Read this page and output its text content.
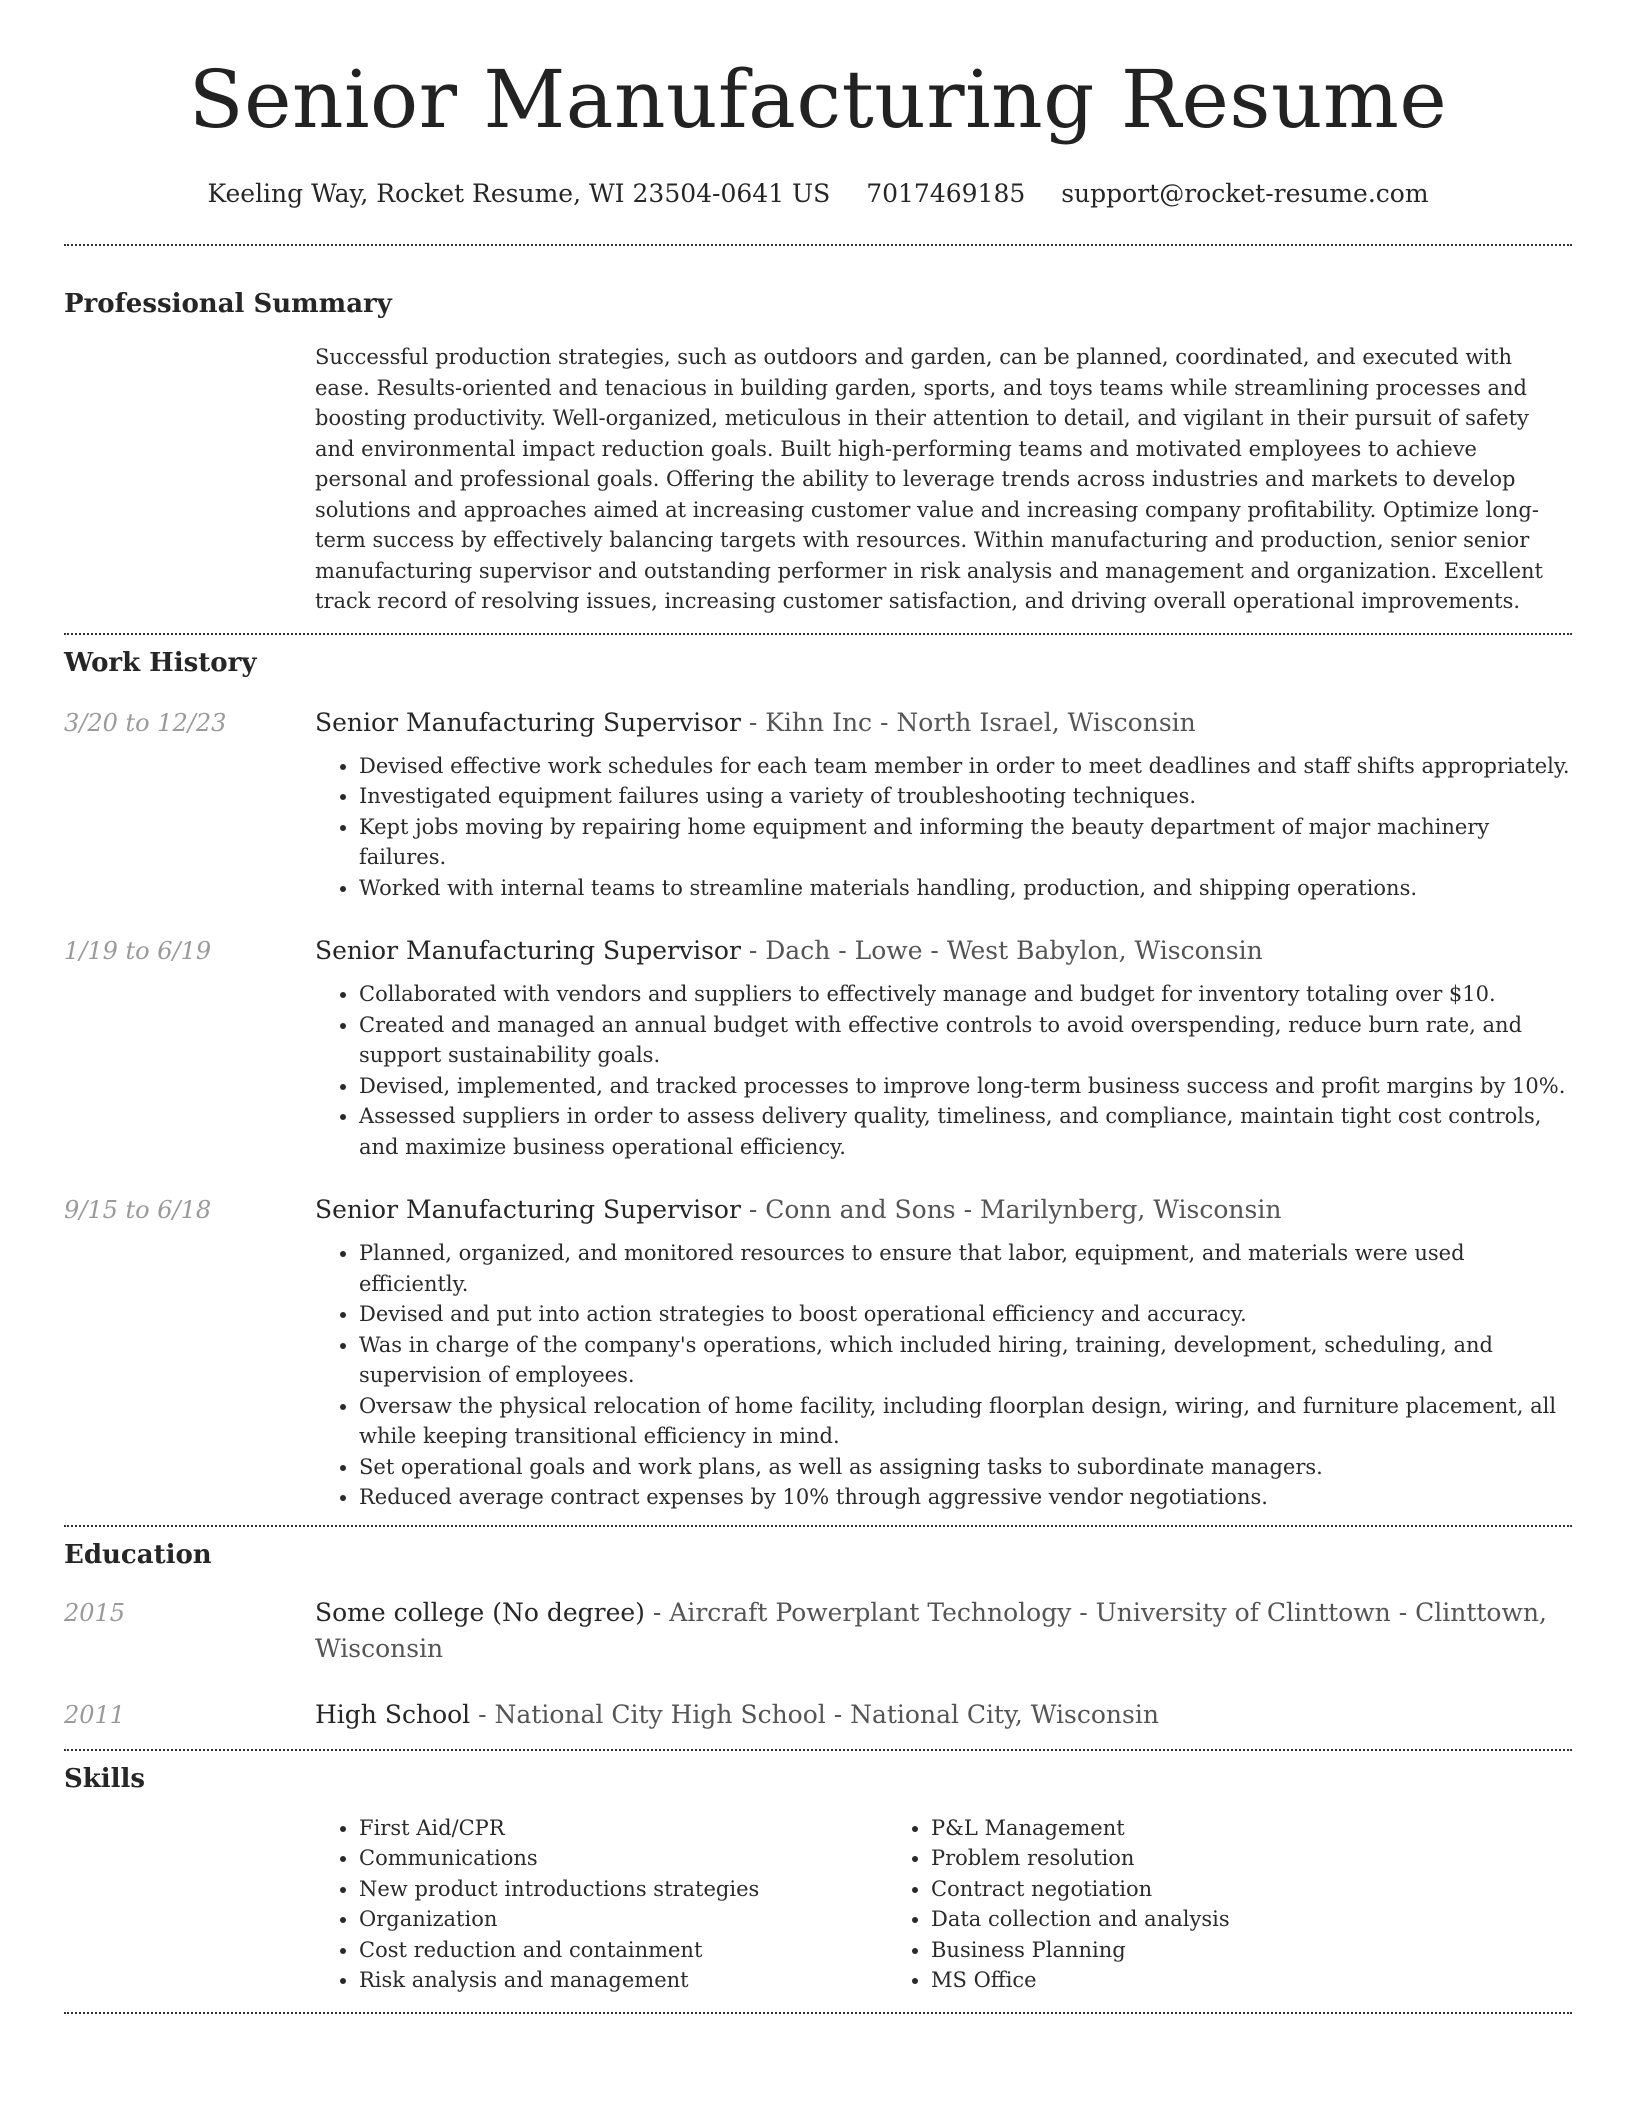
Senior Manufacturing Resume
Keeling Way, Rocket Resume, WI 23504-0641 US 7017469185 support@rocket-resume.com
Professional Summary
Successful production strategies, such as outdoors and garden, can be planned, coordinated, and executed with ease. Results-oriented and tenacious in building garden, sports, and toys teams while streamlining processes and boosting productivity. Well-organized, meticulous in their attention to detail, and vigilant in their pursuit of safety and environmental impact reduction goals. Built high-performing teams and motivated employees to achieve personal and professional goals. Offering the ability to leverage trends across industries and markets to develop solutions and approaches aimed at increasing customer value and increasing company profitability. Optimize long-term success by effectively balancing targets with resources. Within manufacturing and production, senior senior manufacturing supervisor and outstanding performer in risk analysis and management and organization. Excellent track record of resolving issues, increasing customer satisfaction, and driving overall operational improvements.
Work History
3/20 to 12/23	Senior Manufacturing Supervisor - Kihn Inc - North Israel, Wisconsin
• Devised effective work schedules for each team member in order to meet deadlines and staff shifts appropriately.
• Investigated equipment failures using a variety of troubleshooting techniques.
• Kept jobs moving by repairing home equipment and informing the beauty department of major machinery failures.
• Worked with internal teams to streamline materials handling, production, and shipping operations.
1/19 to 6/19	Senior Manufacturing Supervisor - Dach - Lowe - West Babylon, Wisconsin
• Collaborated with vendors and suppliers to effectively manage and budget for inventory totaling over $10.
• Created and managed an annual budget with effective controls to avoid overspending, reduce burn rate, and support sustainability goals.
• Devised, implemented, and tracked processes to improve long-term business success and profit margins by 10%.
• Assessed suppliers in order to assess delivery quality, timeliness, and compliance, maintain tight cost controls, and maximize business operational efficiency.
9/15 to 6/18	Senior Manufacturing Supervisor - Conn and Sons - Marilynberg, Wisconsin
• Planned, organized, and monitored resources to ensure that labor, equipment, and materials were used efficiently.
• Devised and put into action strategies to boost operational efficiency and accuracy.
• Was in charge of the company's operations, which included hiring, training, development, scheduling, and supervision of employees.
• Oversaw the physical relocation of home facility, including floorplan design, wiring, and furniture placement, all while keeping transitional efficiency in mind.
• Set operational goals and work plans, as well as assigning tasks to subordinate managers.
• Reduced average contract expenses by 10% through aggressive vendor negotiations.
Education
2015	Some college (No degree) - Aircraft Powerplant Technology - University of Clinttown - Clinttown, Wisconsin
2011	High School - National City High School - National City, Wisconsin
Skills
• First Aid/CPR
• Communications
• New product introductions strategies
• Organization
• Cost reduction and containment
• Risk analysis and management
• P&L Management
• Problem resolution
• Contract negotiation
• Data collection and analysis
• Business Planning
• MS Office
